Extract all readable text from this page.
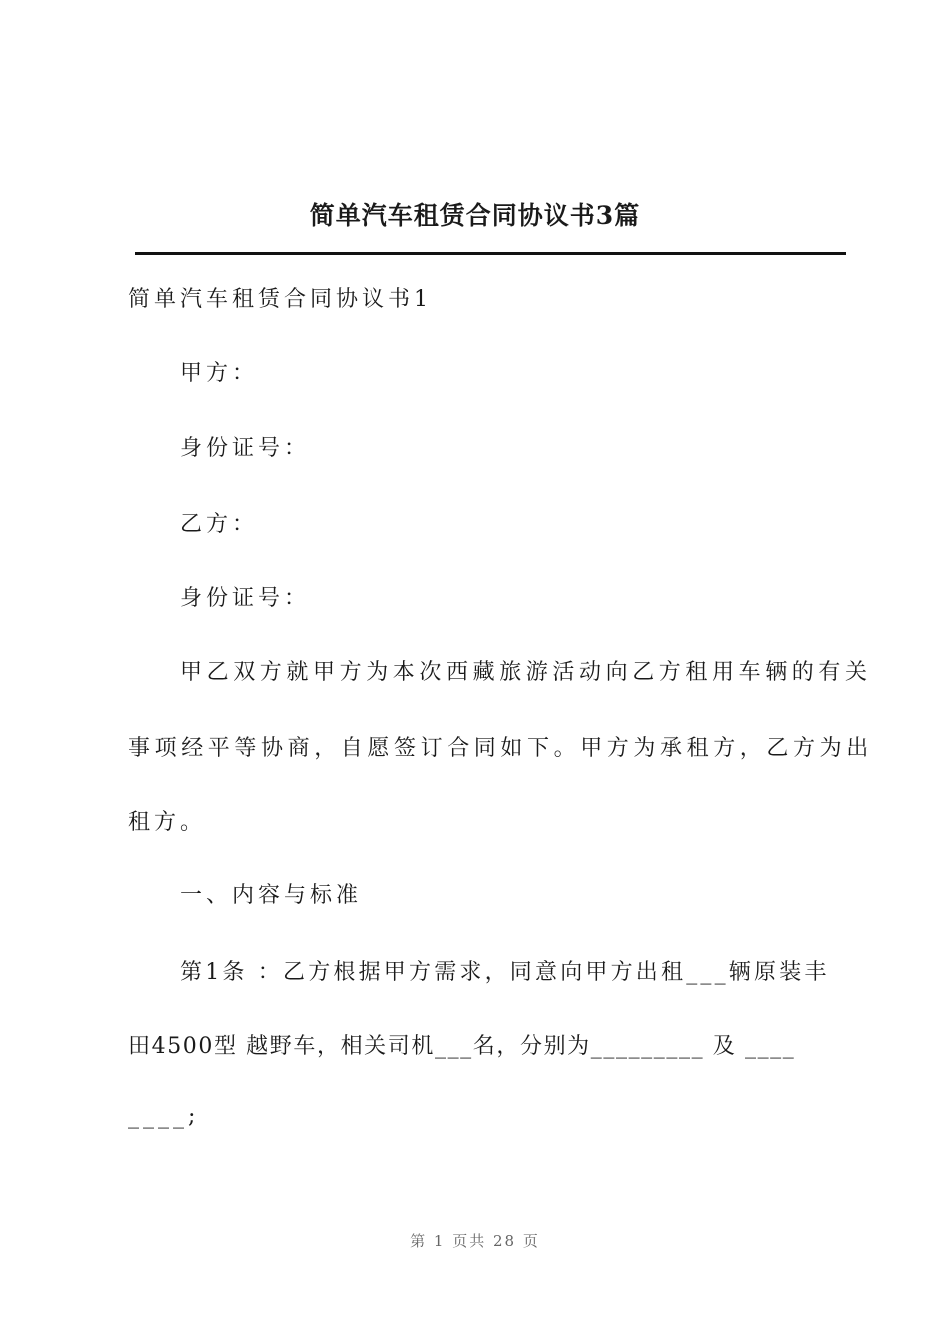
简单汽车租赁合同协议书3篇
简单汽车租赁合同协议书1
甲方：
身份证号：
乙方：
身份证号：
甲乙双方就甲方为本次西藏旅游活动向乙方租用车辆的有关
事项经平等协商，自愿签订合同如下。甲方为承租方，乙方为出
租方。
一、内容与标准
第1条 ：乙方根据甲方需求，同意向甲方出租___辆原装丰
田4500型 越野车，相关司机___名，分别为_________ 及 ____
____;
第 1 页共 28 页
